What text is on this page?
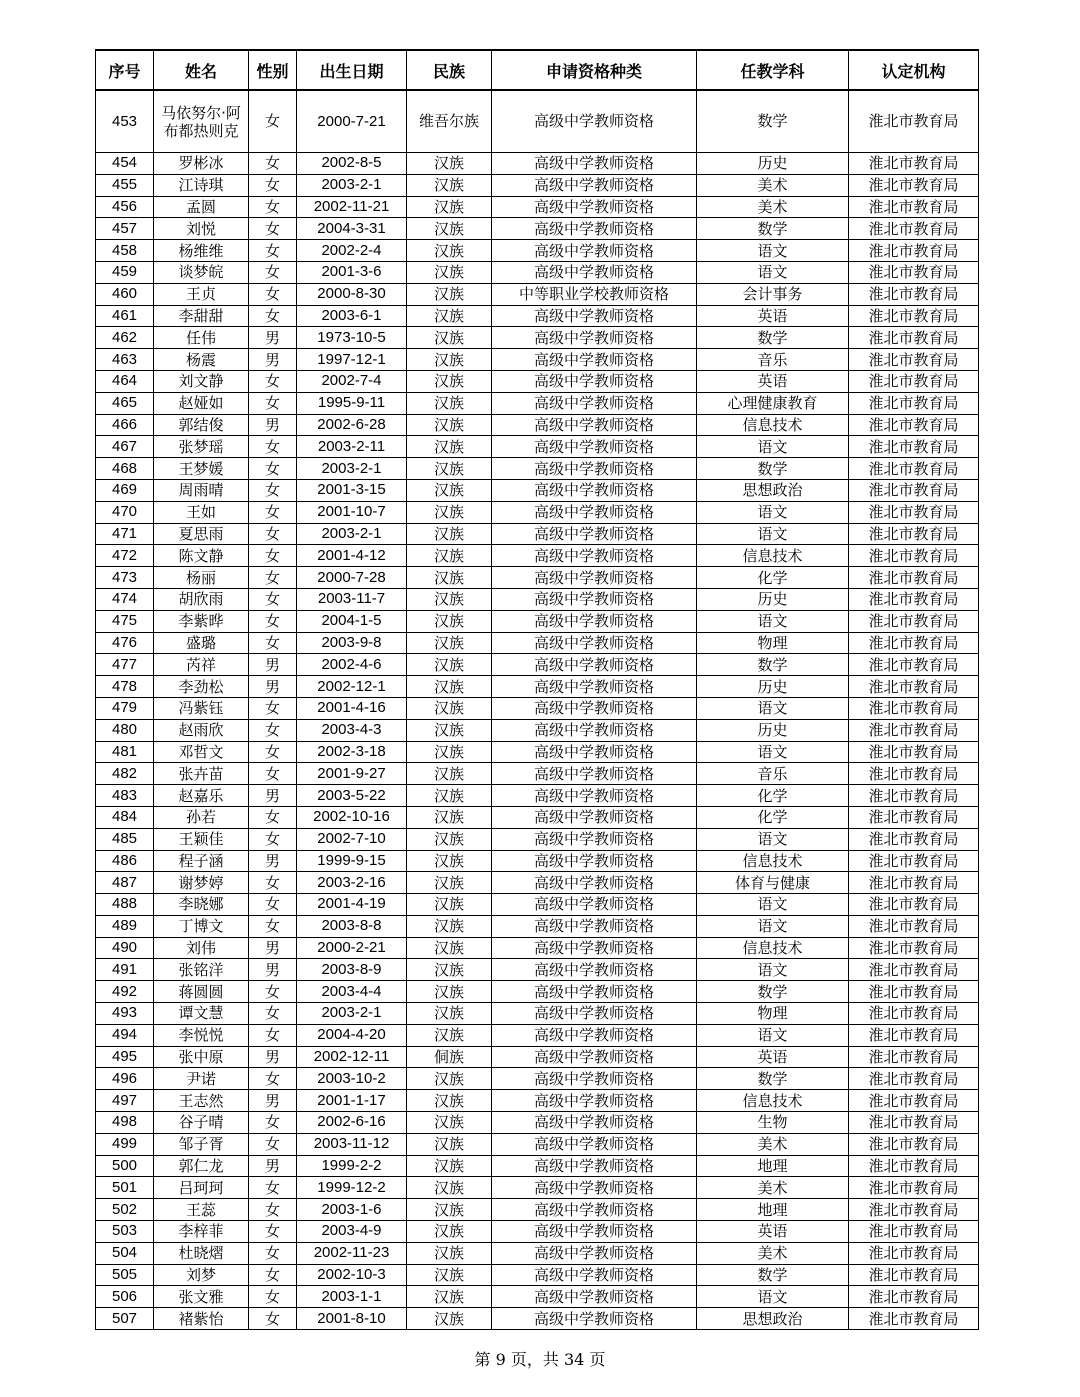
序号	姓名	性别	出生日期	民族	申请资格种类	任教学科	认定机构
453	马依努尔·阿布都热则克	女	2000-7-21	维吾尔族	高级中学教师资格	数学	淮北市教育局
454	罗彬冰	女	2002-8-5	汉族	高级中学教师资格	历史	淮北市教育局
455	江诗琪	女	2003-2-1	汉族	高级中学教师资格	美术	淮北市教育局
456	孟圆	女	2002-11-21	汉族	高级中学教师资格	美术	淮北市教育局
457	刘悦	女	2004-3-31	汉族	高级中学教师资格	数学	淮北市教育局
458	杨维维	女	2002-2-4	汉族	高级中学教师资格	语文	淮北市教育局
459	谈梦皖	女	2001-3-6	汉族	高级中学教师资格	语文	淮北市教育局
460	王贞	女	2000-8-30	汉族	中等职业学校教师资格	会计事务	淮北市教育局
461	李甜甜	女	2003-6-1	汉族	高级中学教师资格	英语	淮北市教育局
462	任伟	男	1973-10-5	汉族	高级中学教师资格	数学	淮北市教育局
463	杨震	男	1997-12-1	汉族	高级中学教师资格	音乐	淮北市教育局
464	刘文静	女	2002-7-4	汉族	高级中学教师资格	英语	淮北市教育局
465	赵娅如	女	1995-9-11	汉族	高级中学教师资格	心理健康教育	淮北市教育局
466	郭结俊	男	2002-6-28	汉族	高级中学教师资格	信息技术	淮北市教育局
467	张梦瑶	女	2003-2-11	汉族	高级中学教师资格	语文	淮北市教育局
468	王梦媛	女	2003-2-1	汉族	高级中学教师资格	数学	淮北市教育局
469	周雨晴	女	2001-3-15	汉族	高级中学教师资格	思想政治	淮北市教育局
470	王如	女	2001-10-7	汉族	高级中学教师资格	语文	淮北市教育局
471	夏思雨	女	2003-2-1	汉族	高级中学教师资格	语文	淮北市教育局
472	陈文静	女	2001-4-12	汉族	高级中学教师资格	信息技术	淮北市教育局
473	杨丽	女	2000-7-28	汉族	高级中学教师资格	化学	淮北市教育局
474	胡欣雨	女	2003-11-7	汉族	高级中学教师资格	历史	淮北市教育局
475	李紫晔	女	2004-1-5	汉族	高级中学教师资格	语文	淮北市教育局
476	盛璐	女	2003-9-8	汉族	高级中学教师资格	物理	淮北市教育局
477	芮祥	男	2002-4-6	汉族	高级中学教师资格	数学	淮北市教育局
478	李劲松	男	2002-12-1	汉族	高级中学教师资格	历史	淮北市教育局
479	冯紫钰	女	2001-4-16	汉族	高级中学教师资格	语文	淮北市教育局
480	赵雨欣	女	2003-4-3	汉族	高级中学教师资格	历史	淮北市教育局
481	邓哲文	女	2002-3-18	汉族	高级中学教师资格	语文	淮北市教育局
482	张卉苗	女	2001-9-27	汉族	高级中学教师资格	音乐	淮北市教育局
483	赵嘉乐	男	2003-5-22	汉族	高级中学教师资格	化学	淮北市教育局
484	孙若	女	2002-10-16	汉族	高级中学教师资格	化学	淮北市教育局
485	王颖佳	女	2002-7-10	汉族	高级中学教师资格	语文	淮北市教育局
486	程子涵	男	1999-9-15	汉族	高级中学教师资格	信息技术	淮北市教育局
487	谢梦婷	女	2003-2-16	汉族	高级中学教师资格	体育与健康	淮北市教育局
488	李晓娜	女	2001-4-19	汉族	高级中学教师资格	语文	淮北市教育局
489	丁博文	女	2003-8-8	汉族	高级中学教师资格	语文	淮北市教育局
490	刘伟	男	2000-2-21	汉族	高级中学教师资格	信息技术	淮北市教育局
491	张铭洋	男	2003-8-9	汉族	高级中学教师资格	语文	淮北市教育局
492	蒋圆圆	女	2003-4-4	汉族	高级中学教师资格	数学	淮北市教育局
493	谭文慧	女	2003-2-1	汉族	高级中学教师资格	物理	淮北市教育局
494	李悦悦	女	2004-4-20	汉族	高级中学教师资格	语文	淮北市教育局
495	张中原	男	2002-12-11	侗族	高级中学教师资格	英语	淮北市教育局
496	尹诺	女	2003-10-2	汉族	高级中学教师资格	数学	淮北市教育局
497	王志然	男	2001-1-17	汉族	高级中学教师资格	信息技术	淮北市教育局
498	谷子晴	女	2002-6-16	汉族	高级中学教师资格	生物	淮北市教育局
499	邹子胥	女	2003-11-12	汉族	高级中学教师资格	美术	淮北市教育局
500	郭仁龙	男	1999-2-2	汉族	高级中学教师资格	地理	淮北市教育局
501	吕珂珂	女	1999-12-2	汉族	高级中学教师资格	美术	淮北市教育局
502	王蕊	女	2003-1-6	汉族	高级中学教师资格	地理	淮北市教育局
503	李梓菲	女	2003-4-9	汉族	高级中学教师资格	英语	淮北市教育局
504	杜晓熠	女	2002-11-23	汉族	高级中学教师资格	美术	淮北市教育局
505	刘梦	女	2002-10-3	汉族	高级中学教师资格	数学	淮北市教育局
506	张文雅	女	2003-1-1	汉族	高级中学教师资格	语文	淮北市教育局
507	褚紫怡	女	2001-8-10	汉族	高级中学教师资格	思想政治	淮北市教育局
第 9 页，共 34 页
